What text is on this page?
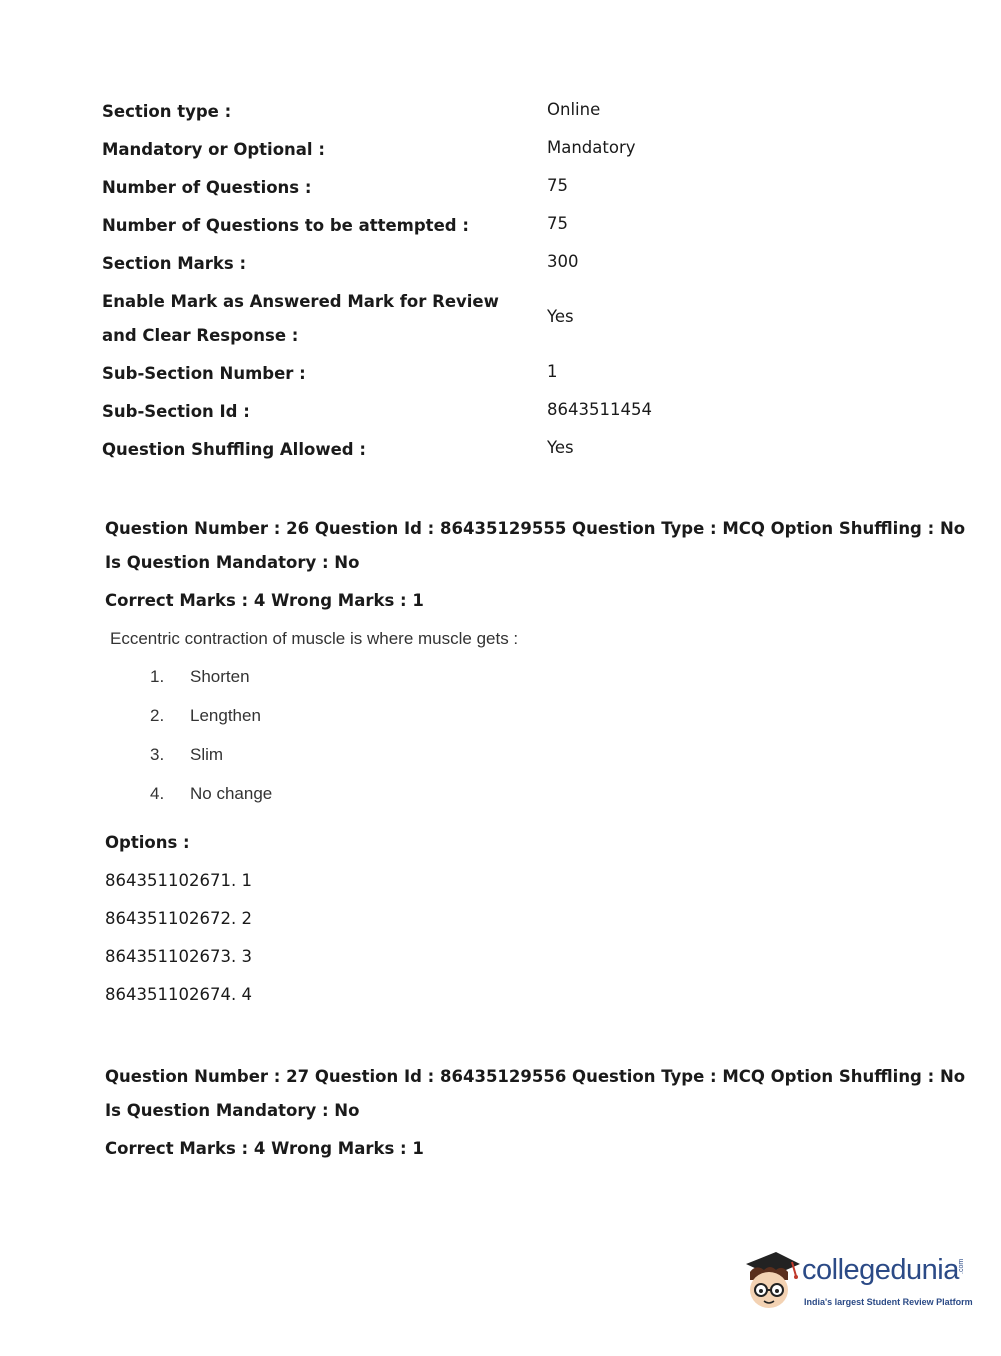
Section type :	Online
Mandatory or Optional :	Mandatory
Number of Questions :	75
Number of Questions to be attempted :	75
Section Marks :	300
Enable Mark as Answered Mark for Review and Clear Response :
Yes
Sub-Section Number :	1
Sub-Section Id :	8643511454
Question Shuffling Allowed :	Yes
Question Number : 26 Question Id : 86435129555 Question Type : MCQ Option Shuffling : No
Is Question Mandatory : No
Correct Marks : 4 Wrong Marks : 1
Eccentric contraction of muscle is where muscle gets :
1. Shorten
2. Lengthen
3. Slim
4. No change
Options :
864351102671. 1
864351102672. 2
864351102673. 3
864351102674. 4
Question Number : 27 Question Id : 86435129556 Question Type : MCQ Option Shuffling : No
Is Question Mandatory : No
Correct Marks : 4 Wrong Marks : 1
collegedunia .com
India's largest Student Review Platform
